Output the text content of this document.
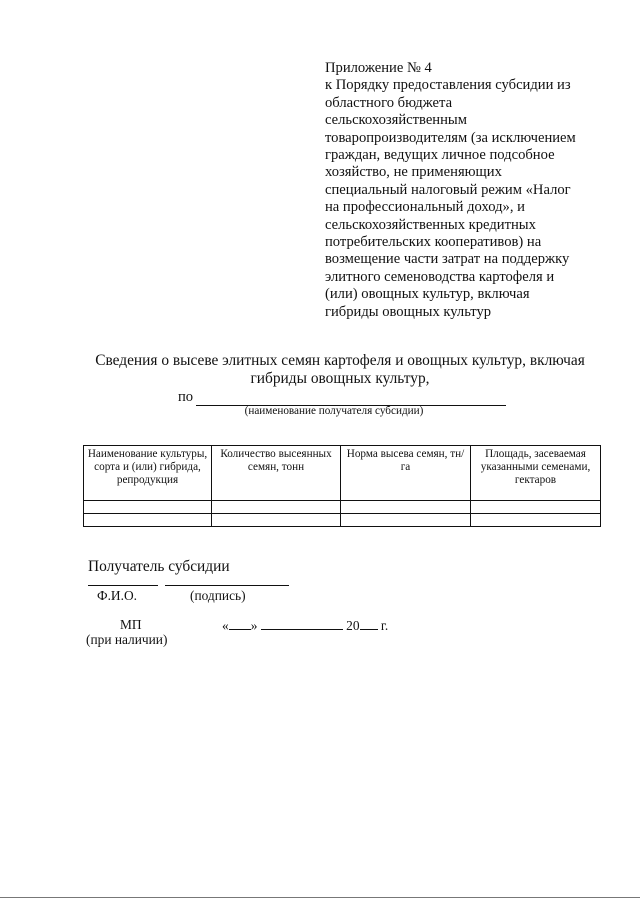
Приложение № 4
к Порядку предоставления субсидии из
областного бюджета
сельскохозяйственным
товаропроизводителям (за исключением
граждан, ведущих личное подсобное
хозяйство, не применяющих
специальный налоговый режим «Налог
на профессиональный доход», и
сельскохозяйственных кредитных
потребительских кооперативов) на
возмещение части затрат на поддержку
элитного семеноводства картофеля и
(или) овощных культур, включая
гибриды овощных культур
Сведения о высеве элитных семян картофеля и овощных культур, включая
гибриды овощных культур,
по
(наименование получателя субсидии)
Наименование культуры, сорта и (или) гибрида, репродукция	Количество высеянных семян, тонн	Норма высева семян, тн/га	Площадь, засеваемая указанными семенами, гектаров

Получатель субсидии
Ф.И.О.	(подпись)
МП	« »	20 г.
(при наличии)
